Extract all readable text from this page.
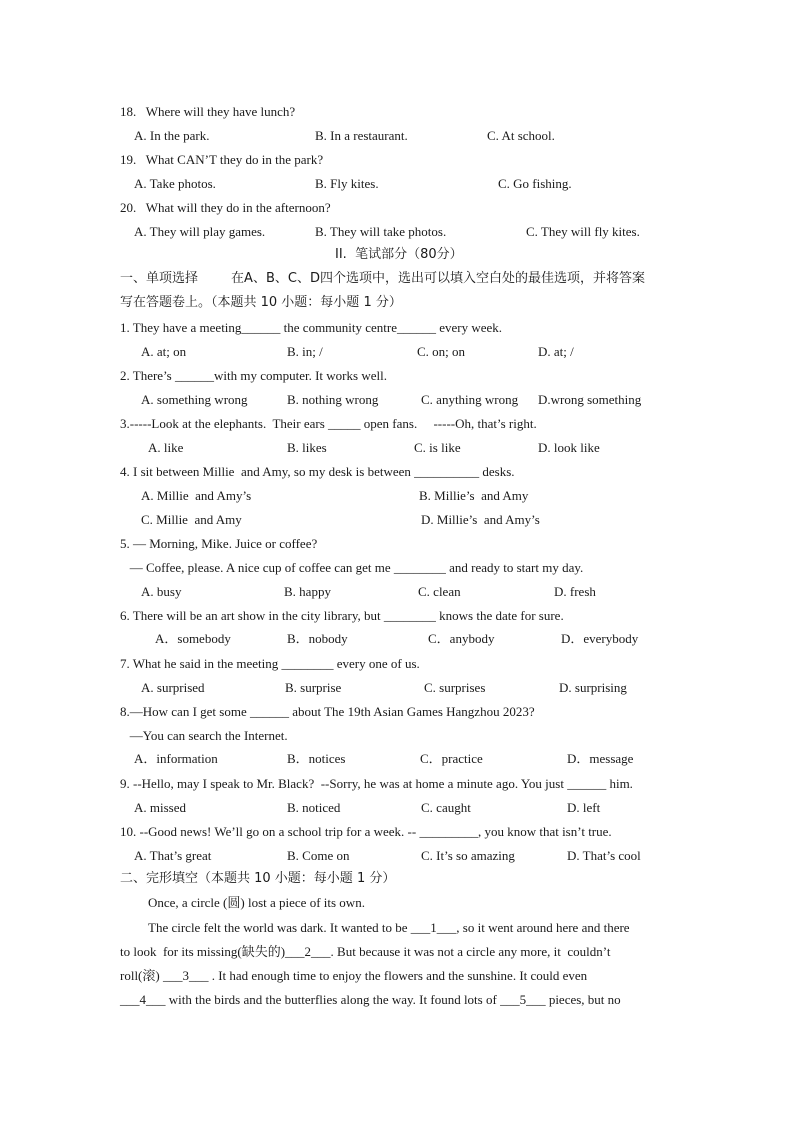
18.   Where will they have lunch?
A. In the park.	B. In a restaurant.	C. At school.
19.   What CAN’T they do in the park?
A. Take photos.	B. Fly kites.	C. Go fishing.
20.   What will they do in the afternoon?
A. They will play games.	B. They will take photos.	C. They will fly kites.
II.  笔试部分（80分）
一、单项选择        在A、B、C、D四个选项中，选出可以填入空白处的最佳选项，并将答案
写在答题卷上。（本题共 10 小题：每小题 1 分）
1. They have a meeting______ the community centre______ every week.
A. at; on	B. in; /	C. on; on	D. at; /
2. There’s ______with my computer. It works well.
A. something wrong	B. nothing wrong	C. anything wrong D.wrong something
3.-----Look at the elephants.  Their ears _____ open fans.     -----Oh, that’s right.
A. like	B. likes	C. is like	D. look like
4. I sit between Millie  and Amy, so my desk is between __________ desks.
A. Millie  and Amy’s	B. Millie’s  and Amy
C. Millie  and Amy	D. Millie’s  and Amy’s
5. — Morning, Mike. Juice or coffee?
— Coffee, please. A nice cup of coffee can get me ________ and ready to start my day.
A. busy	B. happy	C. clean	D. fresh
6. There will be an art show in the city library, but ________ knows the date for sure.
A．somebody	B．nobody	C．anybody	D．everybody
7. What he said in the meeting ________ every one of us.
A. surprised	B. surprise	C. surprises	D. surprising
8.—How can I get some ______ about The 19th Asian Games Hangzhou 2023?
—You can search the Internet.
A．information	B．notices	C．practice	D．message
9. --Hello, may I speak to Mr. Black?  --Sorry, he was at home a minute ago. You just ______ him.
A. missed	B. noticed	C. caught	D. left
10. --Good news! We’ll go on a school trip for a week. -- _________, you know that isn’t true.
A. That’s great	B. Come on	C. It’s so amazing	D. That’s cool
二、完形填空（本题共 10 小题：每小题 1 分）
Once, a circle (圆) lost a piece of its own.
The circle felt the world was dark. It wanted to be ___1___, so it went around here and there
to look  for its missing(缺失的)___2___. But because it was not a circle any more, it  couldn’t
roll(滚) ___3___ . It had enough time to enjoy the flowers and the sunshine. It could even
___4___ with the birds and the butterflies along the way. It found lots of ___5___ pieces, but no
